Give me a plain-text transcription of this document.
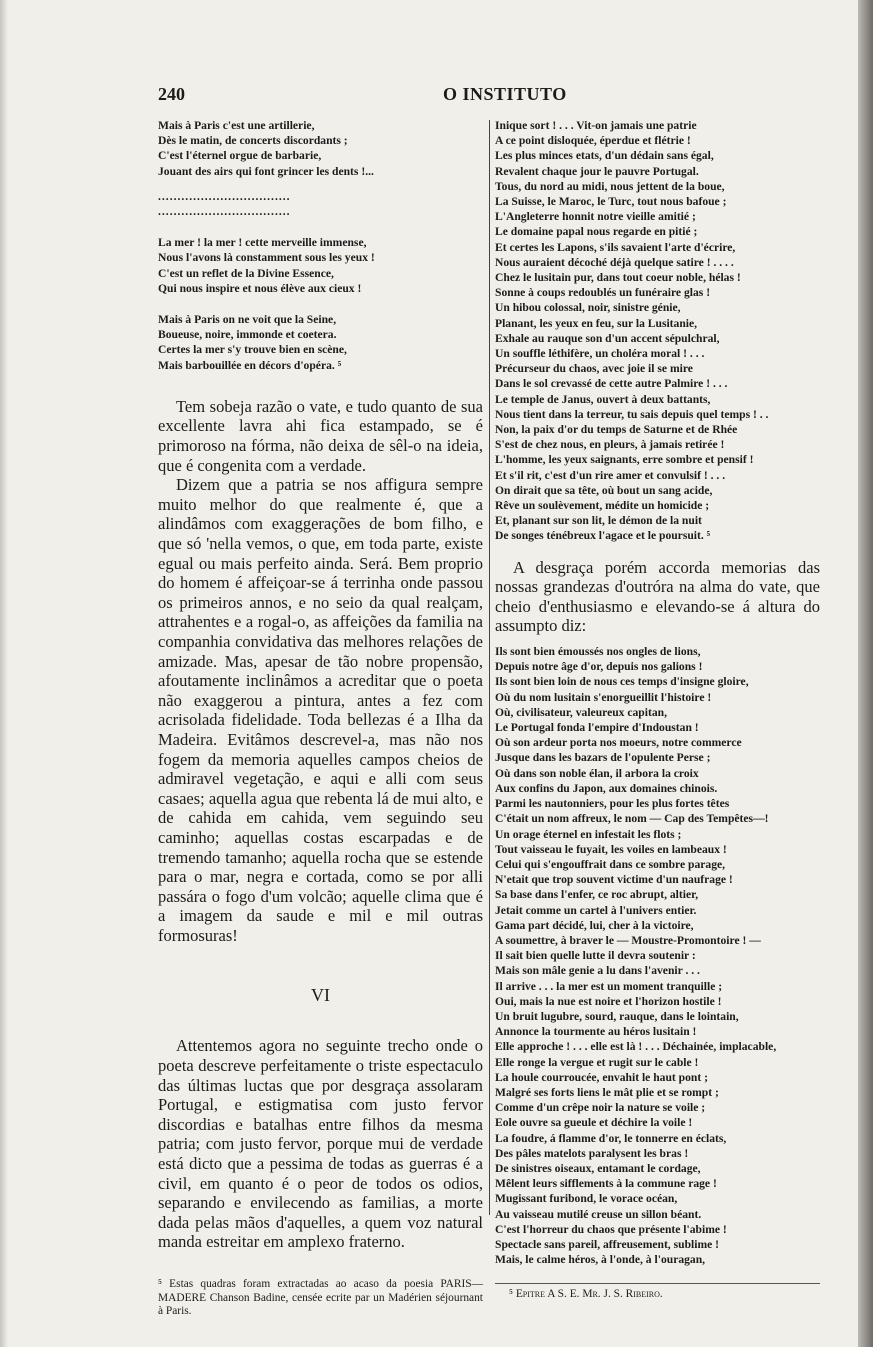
240	O INSTITUTO
Mais à Paris c'est une artillerie,
Dès le matin, de concerts discordants ;
C'est l'éternel orgue de barbarie,
Jouant des airs qui font grincer les dents !...
..................................
..................................
La mer ! la mer ! cette merveille immense,
Nous l'avons là constamment sous les yeux !
C'est un reflet de la Divine Essence,
Qui nous inspire et nous élève aux cieux !
Mais à Paris on ne voit que la Seine,
Boueuse, noire, immonde et coetera.
Certes la mer s'y trouve bien en scène,
Mais barbouillée en décors d'opéra. ⁵

Tem sobeja razão o vate, e tudo quanto de sua excellente lavra ahi fica estampado, se é primoroso na fórma, não deixa de sêl-o na ideia, que é congenita com a verdade.

Dizem que a patria se nos affigura sempre muito melhor do que realmente é, que a alindâmos com exaggerações de bom filho, e que só 'nella vemos, o que, em toda parte, existe egual ou mais perfeito ainda. Será. Bem proprio do homem é affeiçoar-se á terrinha onde passou os primeiros annos, e no seio da qual realçam, attrahentes e a rogal-o, as affeições da familia na companhia convidativa das melhores relações de amizade. Mas, apesar de tão nobre propensão, afoutamente inclinâmos a acreditar que o poeta não exaggerou a pintura, antes a fez com acrisolada fidelidade. Toda bellezas é a Ilha da Madeira. Evitâmos descrevel-a, mas não nos fogem da memoria aquelles campos cheios de admiravel vegetação, e aqui e alli com seus casaes; aquella agua que rebenta lá de mui alto, e de cahida em cahida, vem seguindo seu caminho; aquellas costas escarpadas e de tremendo tamanho; aquella rocha que se estende para o mar, negra e cortada, como se por alli passára o fogo d'um volcão; aquelle clima que é a imagem da saude e mil e mil outras formosuras!

VI

Attentemos agora no seguinte trecho onde o poeta descreve perfeitamente o triste espectaculo das últimas luctas que por desgraça assolaram Portugal, e estigmatisa com justo fervor discordias e batalhas entre filhos da mesma patria; com justo fervor, porque mui de verdade está dicto que a pessima de todas as guerras é a civil, em quanto é o peor de todos os odios, separando e envilecendo as familias, a morte dada pelas mãos d'aquelles, a quem voz natural manda estreitar em amplexo fraterno.

⁵ Estas quadras foram extractadas ao acaso da poesia PARIS—MADERE Chanson Badine, censée ecrite par un Madérien séjournant à Paris.
Inique sort ! . . . Vit-on jamais une patrie
A ce point disloquée, éperdue et flétrie !
Les plus minces etats, d'un dédain sans égal,
Revalent chaque jour le pauvre Portugal.
Tous, du nord au midi, nous jettent de la boue,
La Suisse, le Maroc, le Turc, tout nous bafoue ;
L'Angleterre honnit notre vieille amitié ;
Le domaine papal nous regarde en pitié ;
Et certes les Lapons, s'ils savaient l'arte d'écrire,
Nous auraient décoché déjà quelque satire ! . . . .
Chez le lusitain pur, dans tout coeur noble, hélas !
Sonne à coups redoublés un funéraire glas !
Un hibou colossal, noir, sinistre génie,
Planant, les yeux en feu, sur la Lusitanie,
Exhale au rauque son d'un accent sépulchral,
Un souffle léthifère, un choléra moral ! . . .
Précurseur du chaos, avec joie il se mire
Dans le sol crevassé de cette autre Palmire ! . . .
Le temple de Janus, ouvert à deux battants,
Nous tient dans la terreur, tu sais depuis quel temps ! . .
Non, la paix d'or du temps de Saturne et de Rhée
S'est de chez nous, en pleurs, à jamais retirée !
L'homme, les yeux saignants, erre sombre et pensif !
Et s'il rit, c'est d'un rire amer et convulsif ! . . .
On dirait que sa tête, où bout un sang acide,
Rêve un soulèvement, médite un homicide ;
Et, planant sur son lit, le démon de la nuit
De songes ténébreux l'agace et le poursuit. ⁵

A desgraça porém accorda memorias das nossas grandezas d'outróra na alma do vate, que cheio d'enthusiasmo e elevando-se á altura do assumpto diz:

Ils sont bien émoussés nos ongles de lions,
Depuis notre âge d'or, depuis nos galions !
Ils sont bien loin de nous ces temps d'insigne gloire,
Où du nom lusitain s'enorgueillit l'histoire !
Où, civilisateur, valeureux capitan,
Le Portugal fonda l'empire d'Indoustan !
Où son ardeur porta nos moeurs, notre commerce
Jusque dans les bazars de l'opulente Perse ;
Où dans son noble élan, il arbora la croix
Aux confins du Japon, aux domaines chinois.
Parmi les nautonniers, pour les plus fortes têtes
C'était un nom affreux, le nom — Cap des Tempêtes—!
Un orage éternel en infestait les flots ;
Tout vaisseau le fuyait, les voiles en lambeaux !
Celui qui s'engouffrait dans ce sombre parage,
N'etait que trop souvent victime d'un naufrage !
Sa base dans l'enfer, ce roc abrupt, altier,
Jetait comme un cartel à l'univers entier.
Gama part décidé, lui, cher à la victoire,
A soumettre, à braver le — Moustre-Promontoire ! —
Il sait bien quelle lutte il devra soutenir :
Mais son mâle genie a lu dans l'avenir . . .
Il arrive . . . la mer est un moment tranquille ;
Oui, mais la nue est noire et l'horizon hostile !
Un bruit lugubre, sourd, rauque, dans le lointain,
Annonce la tourmente au héros lusitain !
Elle approche ! . . . elle est là ! . . . Déchainée, implacable,
Elle ronge la vergue et rugit sur le cable !
La houle courroucée, envahit le haut pont ;
Malgré ses forts liens le mât plie et se rompt ;
Comme d'un crêpe noir la nature se voile ;
Eole ouvre sa gueule et déchire la voile !
La foudre, á flamme d'or, le tonnerre en éclats,
Des pâles matelots paralysent les bras !
De sinistres oiseaux, entamant le cordage,
Mêlent leurs sifflements à la commune rage !
Mugissant furibond, le vorace océan,
Au vaisseau mutilé creuse un sillon béant.
C'est l'horreur du chaos que présente l'abime !
Spectacle sans pareil, affreusement, sublime !
Mais, le calme héros, à l'onde, à l'ouragan,
⁵ Epitre A S. E. Mr. J. S. Ribeiro.
